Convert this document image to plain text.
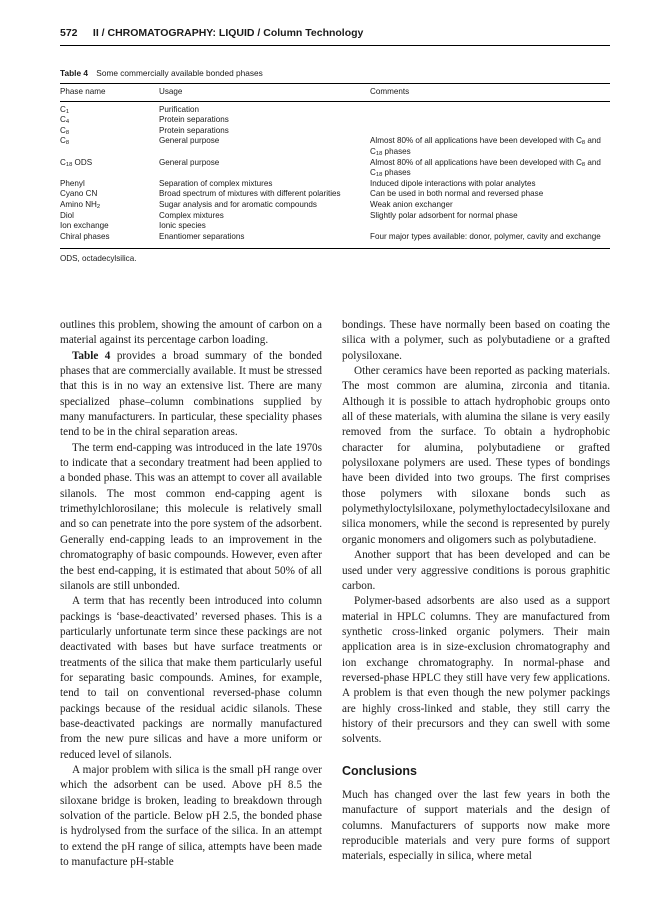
572 II / CHROMATOGRAPHY: LIQUID / Column Technology
Table 4 Some commercially available bonded phases
Phase name	Usage	Comments
$C_1$	Purification
$C_4$	Protein separations
$C_8$	Protein separations
$C_8$	General purpose	Almost 80% of all applications have been developed with $C_8$ and $C_{18}$ phases
$C_{18}$ ODS	General purpose	Almost 80% of all applications have been developed with $C_8$ and $C_{18}$ phases
Phenyl	Separation of complex mixtures	Induced dipole interactions with polar analytes
Cyano CN	Broad spectrum of mixtures with different polarities	Can be used in both normal and reversed phase
Amino $NH_2$	Sugar analysis and for aromatic compounds	Weak anion exchanger
Diol	Complex mixtures	Slightly polar adsorbent for normal phase
Ion exchange	Ionic species
Chiral phases	Enantiomer separations	Four major types available: donor, polymer, cavity and exchange
ODS, octadecylsilica.

outlines this problem, showing the amount of carbon on a material against its percentage carbon loading.

Table 4 provides a broad summary of the bonded phases that are commercially available. It must be stressed that this is in no way an extensive list. There are many specialized phase–column combinations supplied by many manufacturers. In particular, these speciality phases tend to be in the chiral separation areas.

The term end-capping was introduced in the late 1970s to indicate that a secondary treatment had been applied to a bonded phase. This was an attempt to cover all available silanols. The most common end-capping agent is trimethylchlorosilane; this molecule is relatively small and so can penetrate into the pore system of the adsorbent. Generally end-capping leads to an improvement in the chromatography of basic compounds. However, even after the best end-capping, it is estimated that about 50% of all silanols are still unbonded.

A term that has recently been introduced into column packings is ‘base-deactivated’ reversed phases. This is a particularly unfortunate term since these packings are not deactivated with bases but have surface treatments or treatments of the silica that make them particularly useful for separating basic compounds. Amines, for example, tend to tail on conventional reversed-phase column packings because of the residual acidic silanols. These base-deactivated packings are normally manufactured from the new pure silicas and have a more uniform or reduced level of silanols.

A major problem with silica is the small pH range over which the adsorbent can be used. Above pH 8.5 the siloxane bridge is broken, leading to breakdown through solvation of the particle. Below pH 2.5, the bonded phase is hydrolysed from the surface of the silica. In an attempt to extend the pH range of silica, attempts have been made to manufacture pH-stable

bondings. These have normally been based on coating the silica with a polymer, such as polybutadiene or a grafted polysiloxane.

Other ceramics have been reported as packing materials. The most common are alumina, zirconia and titania. Although it is possible to attach hydrophobic groups onto all of these materials, with alumina the silane is very easily removed from the surface. To obtain a hydrophobic character for alumina, polybutadiene or grafted polysiloxane polymers are used. These types of bondings have been divided into two groups. The first comprises those polymers with siloxane bonds such as polymethyloctylsiloxane, polymethyloctadecylsiloxane and silica monomers, while the second is represented by purely organic monomers and oligomers such as polybutadiene.

Another support that has been developed and can be used under very aggressive conditions is porous graphitic carbon.

Polymer-based adsorbents are also used as a support material in HPLC columns. They are manufactured from synthetic cross-linked organic polymers. Their main application area is in size-exclusion chromatography and ion exchange chromatography. In normal-phase and reversed-phase HPLC they still have very few applications. A problem is that even though the new polymer packings are highly cross-linked and stable, they still carry the history of their precursors and they can swell with some solvents.

Conclusions

Much has changed over the last few years in both the manufacture of support materials and the design of columns. Manufacturers of supports now make more reproducible materials and very pure forms of support materials, especially in silica, where metal
